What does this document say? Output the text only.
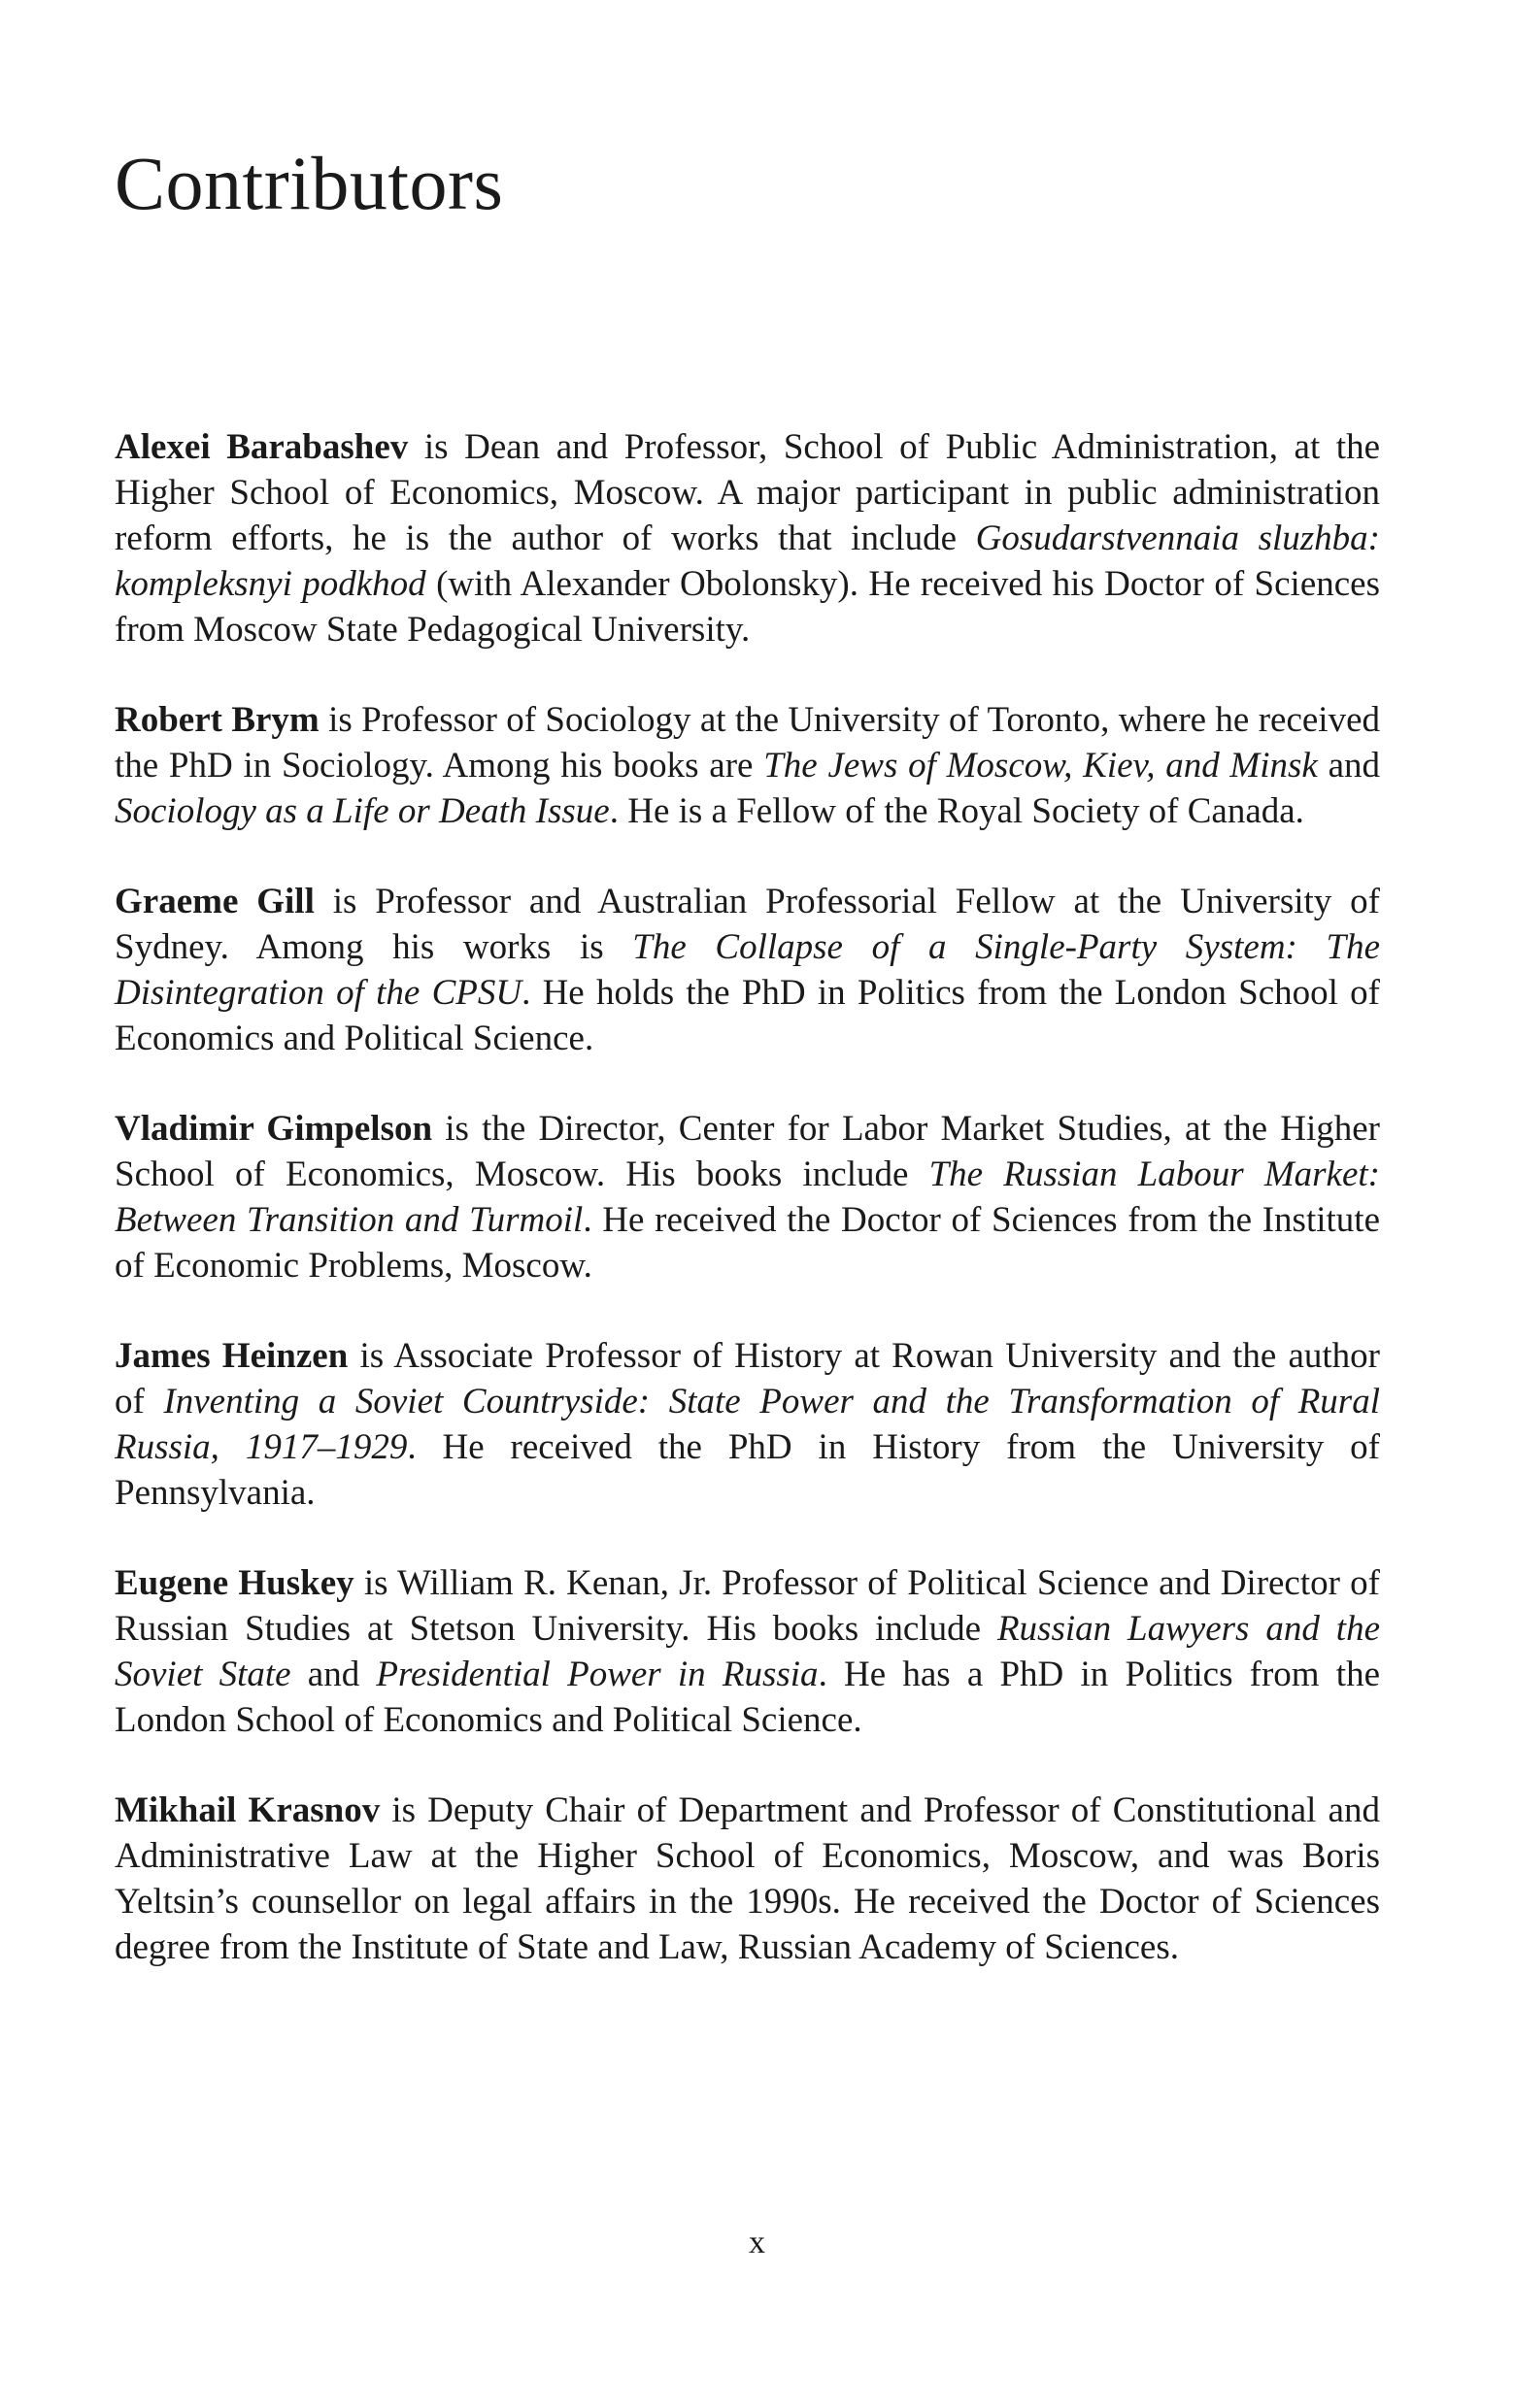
Contributors

Alexei Barabashev is Dean and Professor, School of Public Administration, at the Higher School of Economics, Moscow. A major participant in public administration reform efforts, he is the author of works that include Gosudarstvennaia sluzhba: kompleksnyi podkhod (with Alexander Obolonsky). He received his Doctor of Sciences from Moscow State Pedagogical University.

Robert Brym is Professor of Sociology at the University of Toronto, where he received the PhD in Sociology. Among his books are The Jews of Moscow, Kiev, and Minsk and Sociology as a Life or Death Issue. He is a Fellow of the Royal Society of Canada.

Graeme Gill is Professor and Australian Professorial Fellow at the University of Sydney. Among his works is The Collapse of a Single-Party System: The Disintegration of the CPSU. He holds the PhD in Politics from the London School of Economics and Political Science.

Vladimir Gimpelson is the Director, Center for Labor Market Studies, at the Higher School of Economics, Moscow. His books include The Russian Labour Market: Between Transition and Turmoil. He received the Doctor of Sciences from the Institute of Economic Problems, Moscow.

James Heinzen is Associate Professor of History at Rowan University and the author of Inventing a Soviet Countryside: State Power and the Transformation of Rural Russia, 1917–1929. He received the PhD in History from the University of Pennsylvania.

Eugene Huskey is William R. Kenan, Jr. Professor of Political Science and Director of Russian Studies at Stetson University. His books include Russian Lawyers and the Soviet State and Presidential Power in Russia. He has a PhD in Politics from the London School of Economics and Political Science.

Mikhail Krasnov is Deputy Chair of Department and Professor of Constitutional and Administrative Law at the Higher School of Economics, Moscow, and was Boris Yeltsin’s counsellor on legal affairs in the 1990s. He received the Doctor of Sciences degree from the Institute of State and Law, Russian Academy of Sciences.

x
